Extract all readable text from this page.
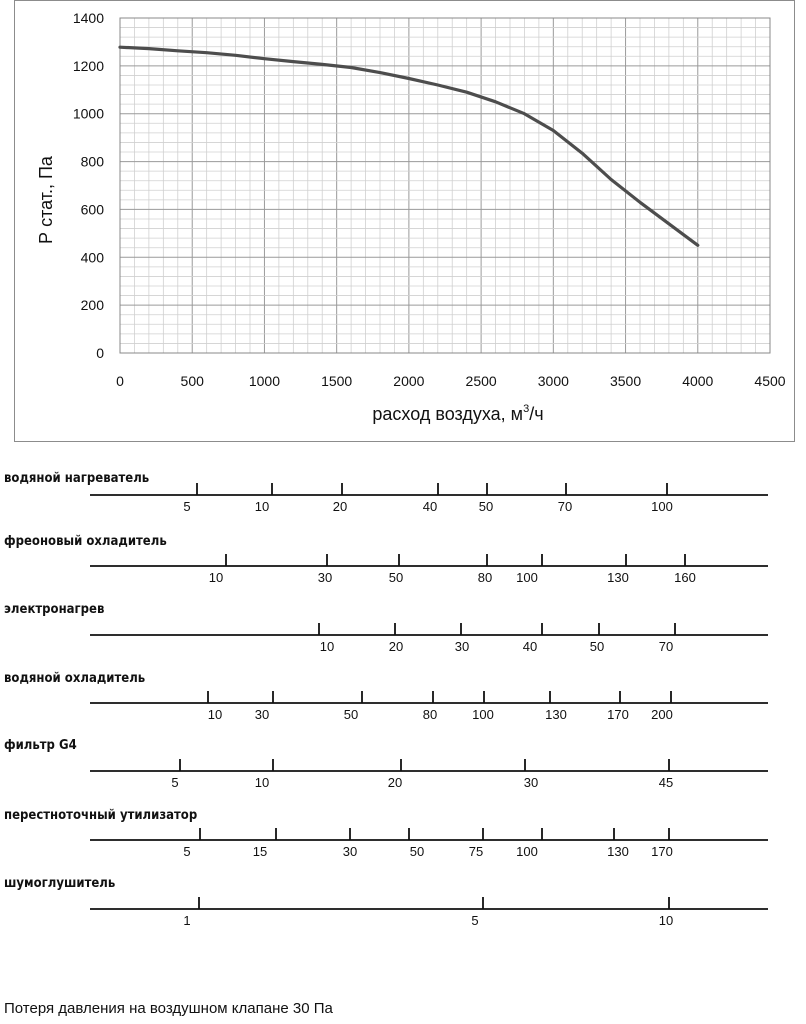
0	500	1000	1500	2000	2500	3000	3500	4000	4500
0
200
400
600
800
1000
1200
1400
расход воздуха, $м^3/ч$
Р стат., Па
5	10	20	40	50	70	100
10	30	50	80 100	130	160
10	20	30	40	50	70
10	30	50	80	100	130	170 200
5	10	20	30	45
5	15	30	50	75	100	130 170
1	5	10
водяной нагреватель
фреоновый охладитель
электронагрев
водяной охладитель
фильтр G4
перестноточный утилизатор
шумоглушитель
Потеря давления на воздушном клапане 30 Па
